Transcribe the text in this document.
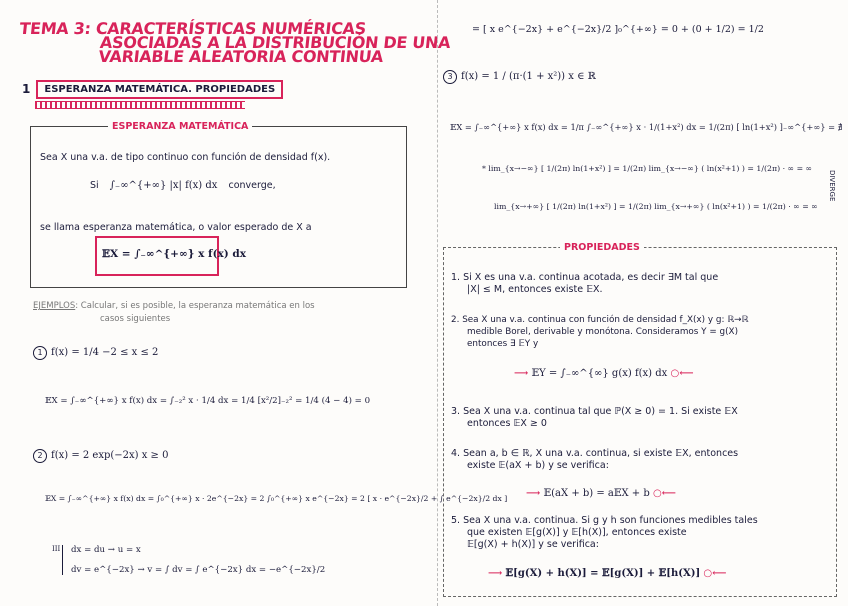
TEMA 3: CARACTERÍSTICAS NUMÉRICAS
ASOCIADAS A LA DISTRIBUCIÓN DE UNA
VARIABLE ALEATORIA CONTINUA
1	ESPERANZA MATEMÁTICA. PROPIEDADES
ESPERANZA MATEMÁTICA
Sea X una v.a. de tipo continuo con función de densidad f(x).
Si ∫₋∞^{+∞} |x| f(x) dx converge,
se llama esperanza matemática, o valor esperado de X a
𝔼X = ∫₋∞^{+∞} x f(x) dx
EJEMPLOS: Calcular, si es posible, la esperanza matemática en los
casos siguientes
1 f(x) = 1/4 −2 ≤ x ≤ 2
𝔼X = ∫₋∞^{+∞} x f(x) dx = ∫₋₂² x · 1/4 dx = 1/4 [x²/2]₋₂² = 1/4 (4 − 4) = 0
2 f(x) = 2 exp(−2x) x ≥ 0
𝔼X = ∫₋∞^{+∞} x f(x) dx = ∫₀^{+∞} x · 2e^{−2x} = 2 ∫₀^{+∞} x e^{−2x} = 2 [ x · e^{−2x}/2 + ∫ e^{−2x}/2 dx ]
III	dx = du → u = x
dv = e^{−2x} → v = ∫ dv = ∫ e^{−2x} dx = −e^{−2x}/2
= [ x e^{−2x} + e^{−2x}/2 ]₀^{+∞} = 0 + (0 + 1/2) = 1/2
3 f(x) = 1 / (π·(1 + x²)) x ∈ ℝ
𝔼X = ∫₋∞^{+∞} x f(x) dx = 1/π ∫₋∞^{+∞} x · 1/(1+x²) dx = 1/(2π) [ ln(1+x²) ]₋∞^{+∞} = ∄
* lim_{x→−∞} [ 1/(2π) ln(1+x²) ] = 1/(2π) lim_{x→−∞} ( ln(x²+1) ) = 1/(2π) · ∞ = ∞
lim_{x→+∞} [ 1/(2π) ln(1+x²) ] = 1/(2π) lim_{x→+∞} ( ln(x²+1) ) = 1/(2π) · ∞ = ∞
DIVERGE
PROPIEDADES
1. Si X es una v.a. continua acotada, es decir ∃M tal que
|X| ≤ M, entonces existe 𝔼X.
2. Sea X una v.a. continua con función de densidad f_X(x) y g: ℝ→ℝ
medible Borel, derivable y monótona. Consideramos Y = g(X)
entonces ∃ 𝔼Y y
⟶ 𝔼Y = ∫₋∞^{∞} g(x) f(x) dx ○⟵
3. Sea X una v.a. continua tal que ℙ(X ≥ 0) = 1. Si existe 𝔼X
entonces 𝔼X ≥ 0
4. Sean a, b ∈ ℝ, X una v.a. continua, si existe 𝔼X, entonces
existe 𝔼(aX + b) y se verifica:
⟶ 𝔼(aX + b) = a𝔼X + b ○⟵
5. Sea X una v.a. continua. Si g y h son funciones medibles tales
que existen 𝔼[g(X)] y 𝔼[h(X)], entonces existe
𝔼[g(X) + h(X)] y se verifica:
⟶ 𝔼[g(X) + h(X)] = 𝔼[g(X)] + 𝔼[h(X)] ○⟵
